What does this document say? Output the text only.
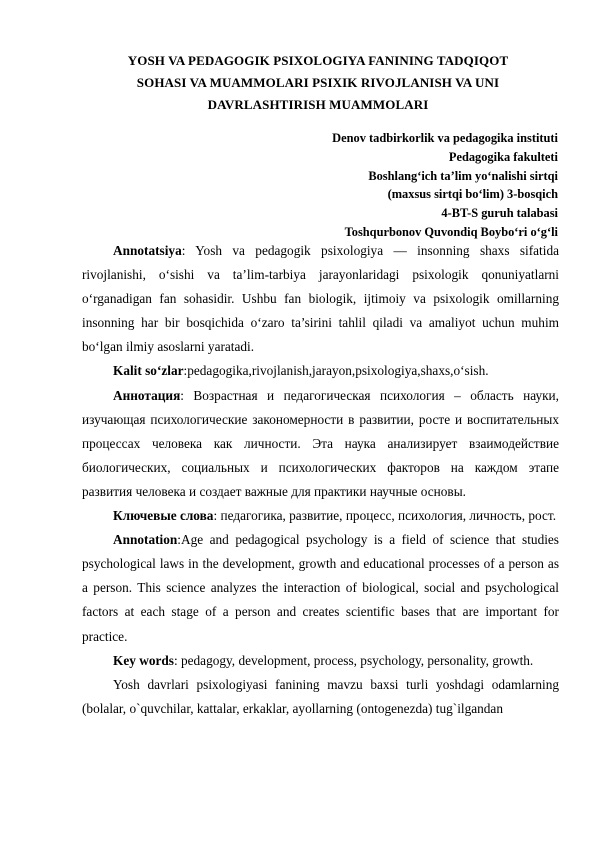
YOSH VA PEDAGOGIK PSIXOLOGIYA FANINING TADQIQOT
SOHASI VA MUAMMOLARI PSIXIK RIVOJLANISH VA UNI
DAVRLASHTIRISH MUAMMOLARI
Denov tadbirkorlik va pedagogika instituti
Pedagogika fakulteti
Boshlang‘ich ta’lim yo‘nalishi sirtqi
(maxsus sirtqi bo‘lim) 3-bosqich
4-BT-S guruh talabasi
Toshqurbonov Quvondiq Boybo‘ri o‘g‘li

Annotatsiya: Yosh va pedagogik psixologiya — insonning shaxs sifatida rivojlanishi, o‘sishi va ta’lim-tarbiya jarayonlaridagi psixologik qonuniyatlarni o‘rganadigan fan sohasidir. Ushbu fan biologik, ijtimoiy va psixologik omillarning insonning har bir bosqichida o‘zaro ta’sirini tahlil qiladi va amaliyot uchun muhim bo‘lgan ilmiy asoslarni yaratadi.

Kalit so‘zlar:pedagogika,rivojlanish,jarayon,psixologiya,shaxs,o‘sish.

Аннотация: Возрастная и педагогическая психология – область науки, изучающая психологические закономерности в развитии, росте и воспитательных процессах человека как личности. Эта наука анализирует взаимодействие биологических, социальных и психологических факторов на каждом этапе развития человека и создает важные для практики научные основы.

Ключевые слова: педагогика, развитие, процесс, психология, личность, рост.

Annotation:Age and pedagogical psychology is a field of science that studies psychological laws in the development, growth and educational processes of a person as a person. This science analyzes the interaction of biological, social and psychological factors at each stage of a person and creates scientific bases that are important for practice.

Key words: pedagogy, development, process, psychology, personality, growth.

Yosh davrlari psixologiyasi fanining mavzu baxsi turli yoshdagi odamlarning (bolalar, o`quvchilar, kattalar, erkaklar, ayollarning (ontogenezda) tug`ilgandan
